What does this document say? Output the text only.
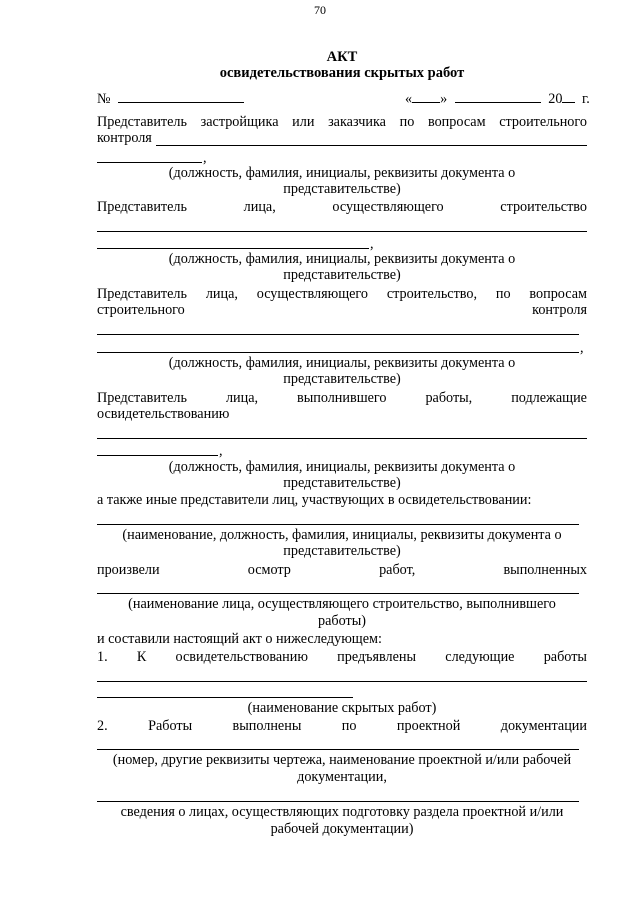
70
АКТ
освидетельствования скрытых работ
№	« »	20 г.
Представитель застройщика или заказчика по вопросам строительного
контроля
,
(должность, фамилия, инициалы, реквизиты документа о
представительстве)
Представитель	лица,	осуществляющего	строительство
,
(должность, фамилия, инициалы, реквизиты документа о
представительстве)
Представитель лица, осуществляющего строительство, по вопросам
строительного	контроля
,
(должность, фамилия, инициалы, реквизиты документа о
представительстве)
Представитель	лица,	выполнившего	работы,	подлежащие
освидетельствованию
,
(должность, фамилия, инициалы, реквизиты документа о
представительстве)
а также иные представители лиц, участвующих в освидетельствовании:
(наименование, должность, фамилия, инициалы, реквизиты документа о
представительстве)
произвели	осмотр	работ,	выполненных
(наименование лица, осуществляющего строительство, выполнившего
работы)
и составили настоящий акт о нижеследующем:
1. К освидетельствованию предъявлены следующие работы
(наименование скрытых работ)
2.	Работы	выполнены	по	проектной	документации
(номер, другие реквизиты чертежа, наименование проектной и/или рабочей
документации,
сведения о лицах, осуществляющих подготовку раздела проектной и/или
рабочей документации)
